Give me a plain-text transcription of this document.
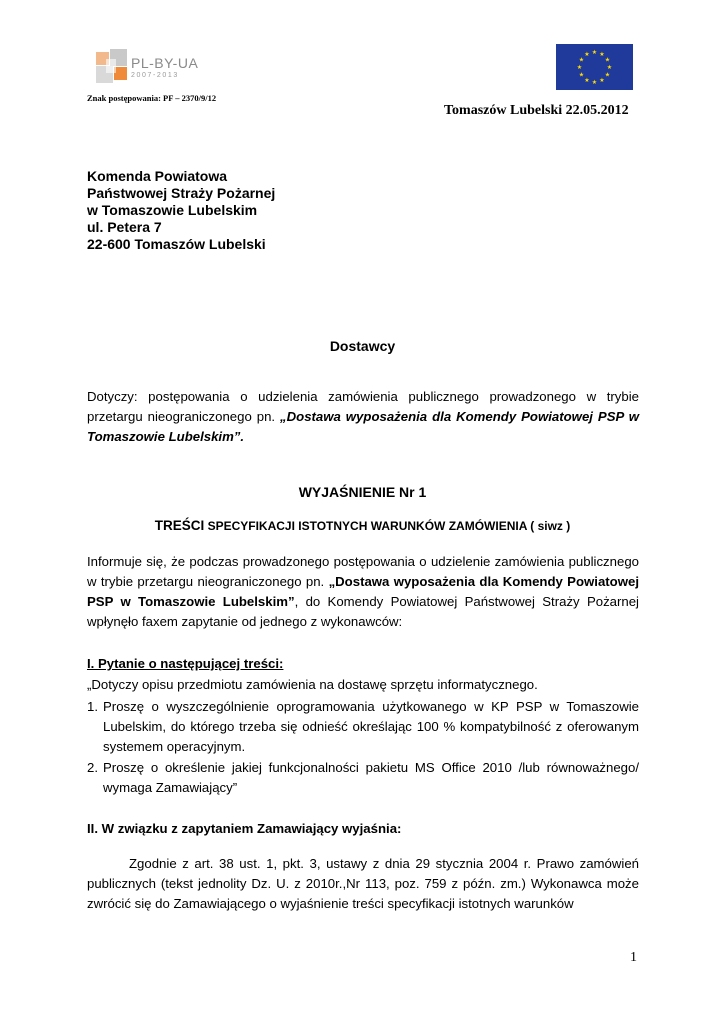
PL-BY-UA
2007-2013
★ ★
★
★
★
★
★
★
★
★
★
★
Znak postępowania: PF – 2370/9/12
Tomaszów Lubelski 22.05.2012
Komenda Powiatowa
Państwowej Straży Pożarnej
w Tomaszowie Lubelskim
ul. Petera 7
22-600 Tomaszów Lubelski
Dostawcy
Dotyczy: postępowania o udzielenia zamówienia publicznego prowadzonego w trybie przetargu nieograniczonego pn. „Dostawa wyposażenia dla Komendy Powiatowej PSP w Tomaszowie Lubelskim”.
WYJAŚNIENIE Nr 1
TREŚCI SPECYFIKACJI ISTOTNYCH WARUNKÓW ZAMÓWIENIA ( siwz )
Informuje się, że podczas prowadzonego postępowania o udzielenie zamówienia publicznego w trybie przetargu nieograniczonego pn. „Dostawa wyposażenia dla Komendy Powiatowej PSP w Tomaszowie Lubelskim”, do Komendy Powiatowej Państwowej Straży Pożarnej wpłynęło faxem zapytanie od jednego z wykonawców:
I. Pytanie o następującej treści:
„Dotyczy opisu przedmiotu zamówienia na dostawę sprzętu informatycznego.
1. Proszę o wyszczególnienie oprogramowania użytkowanego w KP PSP w Tomaszowie Lubelskim, do którego trzeba się odnieść określając 100 % kompatybilność z oferowanym systemem operacyjnym.
2. Proszę o określenie jakiej funkcjonalności pakietu MS Office 2010 /lub równoważnego/ wymaga Zamawiający”
II. W związku z zapytaniem Zamawiający wyjaśnia:
Zgodnie z art. 38 ust. 1, pkt. 3, ustawy z dnia 29 stycznia 2004 r. Prawo zamówień publicznych (tekst jednolity Dz. U. z 2010r.,Nr 113, poz. 759 z późn. zm.) Wykonawca może zwrócić się do Zamawiającego o wyjaśnienie treści specyfikacji istotnych warunków
1
